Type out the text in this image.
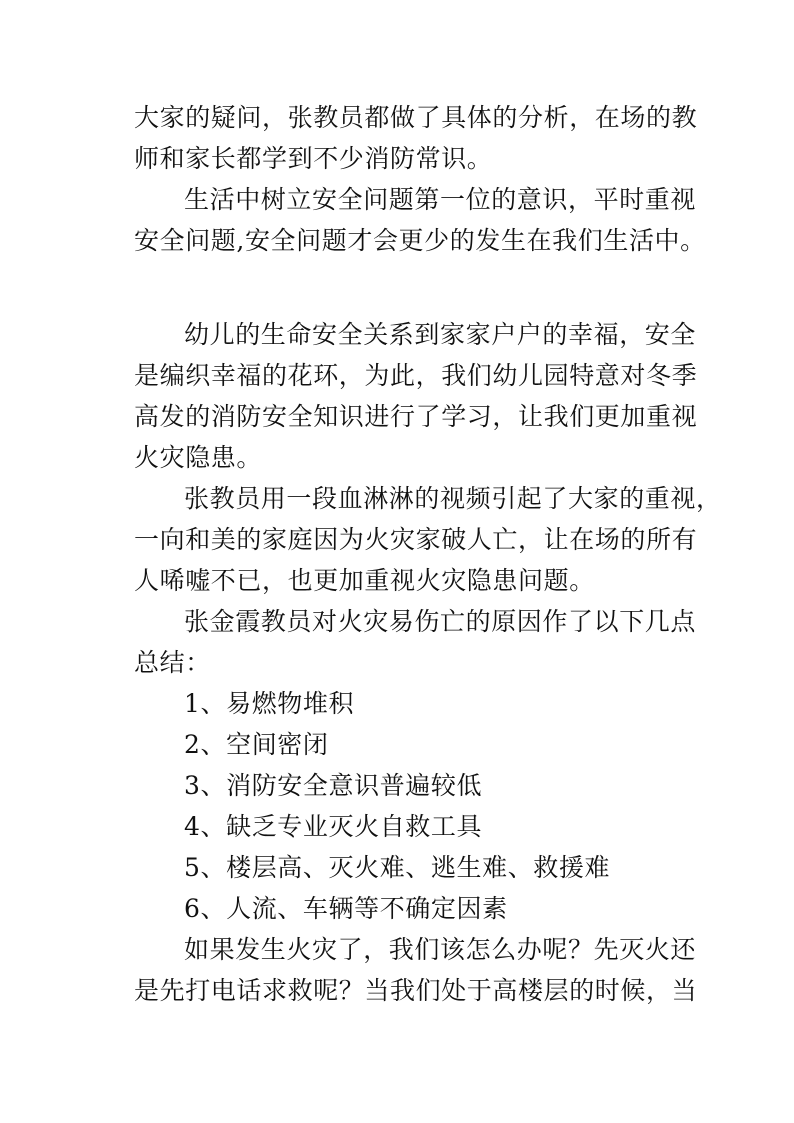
大家的疑问，张教员都做了具体的分析，在场的教
师和家长都学到不少消防常识。
生活中树立安全问题第一位的意识，平时重视
安全问题,安全问题才会更少的发生在我们生活中。
幼儿的生命安全关系到家家户户的幸福，安全
是编织幸福的花环，为此，我们幼儿园特意对冬季
高发的消防安全知识进行了学习，让我们更加重视
火灾隐患。
张教员用一段血淋淋的视频引起了大家的重视，
一向和美的家庭因为火灾家破人亡，让在场的所有
人唏嘘不已，也更加重视火灾隐患问题。
张金霞教员对火灾易伤亡的原因作了以下几点
总结：
1、易燃物堆积
2、空间密闭
3、消防安全意识普遍较低
4、缺乏专业灭火自救工具
5、楼层高、灭火难、逃生难、救援难
6、人流、车辆等不确定因素
如果发生火灾了，我们该怎么办呢？先灭火还
是先打电话求救呢？当我们处于高楼层的时候，当
